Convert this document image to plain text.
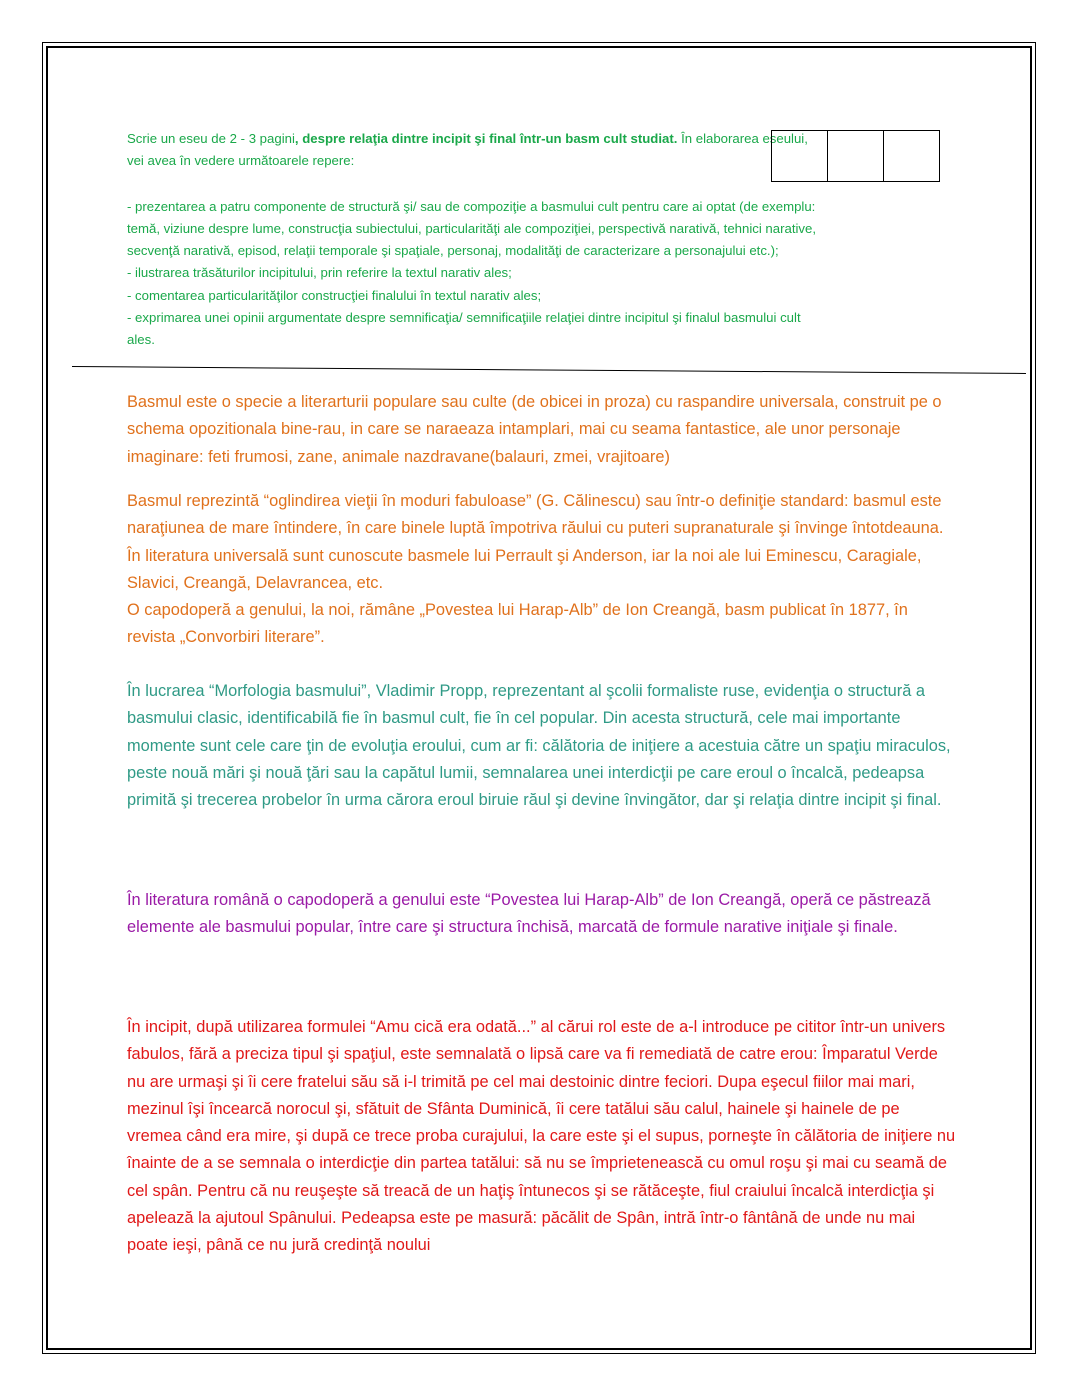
Scrie un eseu de 2 - 3 pagini, despre relaţia dintre incipit şi final într-un basm cult studiat. În elaborarea eseului, vei avea în vedere următoarele repere:

- prezentarea a patru componente de structură şi/ sau de compoziţie a basmului cult pentru care ai optat (de exemplu: temă, viziune despre lume, construcţia subiectului, particularităţi ale compoziţiei, perspectivă narativă, tehnici narative, secvenţă narativă, episod, relaţii temporale şi spaţiale, personaj, modalităţi de caracterizare a personajului etc.);

- ilustrarea trăsăturilor incipitului, prin referire la textul narativ ales;

- comentarea particularităţilor construcţiei finalului în textul narativ ales;

- exprimarea unei opinii argumentate despre semnificaţia/ semnificaţiile relaţiei dintre incipitul şi finalul basmului cult ales.

Basmul este o specie a literarturii populare sau culte (de obicei in proza) cu raspandire universala, construit pe o schema opozitionala bine-rau, in care se naraeaza intamplari, mai cu seama fantastice, ale unor personaje imaginare: feti frumosi, zane, animale nazdravane(balauri, zmei, vrajitoare)

Basmul reprezintă “oglindirea vieţii în moduri fabuloase” (G. Călinescu) sau într-o definiţie standard: basmul este naraţiunea de mare întindere, în care binele luptă împotriva răului cu puteri supranaturale şi învinge întotdeauna. În literatura universală sunt cunoscute basmele lui Perrault şi Anderson, iar la noi ale lui Eminescu, Caragiale, Slavici, Creangă, Delavrancea, etc.

O capodoperă a genului, la noi, rămâne „Povestea lui Harap-Alb” de Ion Creangă, basm publicat în 1877, în revista „Convorbiri literare”.

În lucrarea “Morfologia basmului”, Vladimir Propp, reprezentant al şcolii formaliste ruse, evidenţia o structură a basmului clasic, identificabilă fie în basmul cult, fie în cel popular. Din acesta structură, cele mai importante momente sunt cele care ţin de evoluţia eroului, cum ar fi: călătoria de iniţiere a acestuia către un spaţiu miraculos, peste nouă mări şi nouă ţări sau la capătul lumii, semnalarea unei interdicţii pe care eroul o încalcă, pedeapsa primită şi trecerea probelor în urma cărora eroul biruie răul şi devine învingător, dar şi relaţia dintre incipit şi final.

În literatura română o capodoperă a genului este “Povestea lui Harap-Alb” de Ion Creangă, operă ce păstrează elemente ale basmului popular, între care şi structura închisă, marcată de formule narative iniţiale şi finale.

În incipit, după utilizarea formulei “Amu cică era odată...” al cărui rol este de a-l introduce pe cititor într-un univers fabulos, fără a preciza tipul şi spaţiul, este semnalată o lipsă care va fi remediată de catre erou: Împaratul Verde nu are urmaşi şi îi cere fratelui său să i-l trimită pe cel mai destoinic dintre feciori. Dupa eşecul fiilor mai mari, mezinul îşi încearcă norocul şi, sfătuit de Sfânta Duminică, îi cere tatălui său calul, hainele şi hainele de pe vremea când era mire, şi după ce trece proba curajului, la care este şi el supus, porneşte în călătoria de iniţiere nu înainte de a se semnala o interdicţie din partea tatălui: să nu se împrietenească cu omul roşu şi mai cu seamă de cel spân. Pentru că nu reuşeşte să treacă de un haţiş întunecos şi se rătăceşte, fiul craiului încalcă interdicţia şi apelează la ajutoul Spânului. Pedeapsa este pe masură: păcălit de Spân, intră într-o fântână de unde nu mai poate ieşi, până ce nu jură credinţă noului
